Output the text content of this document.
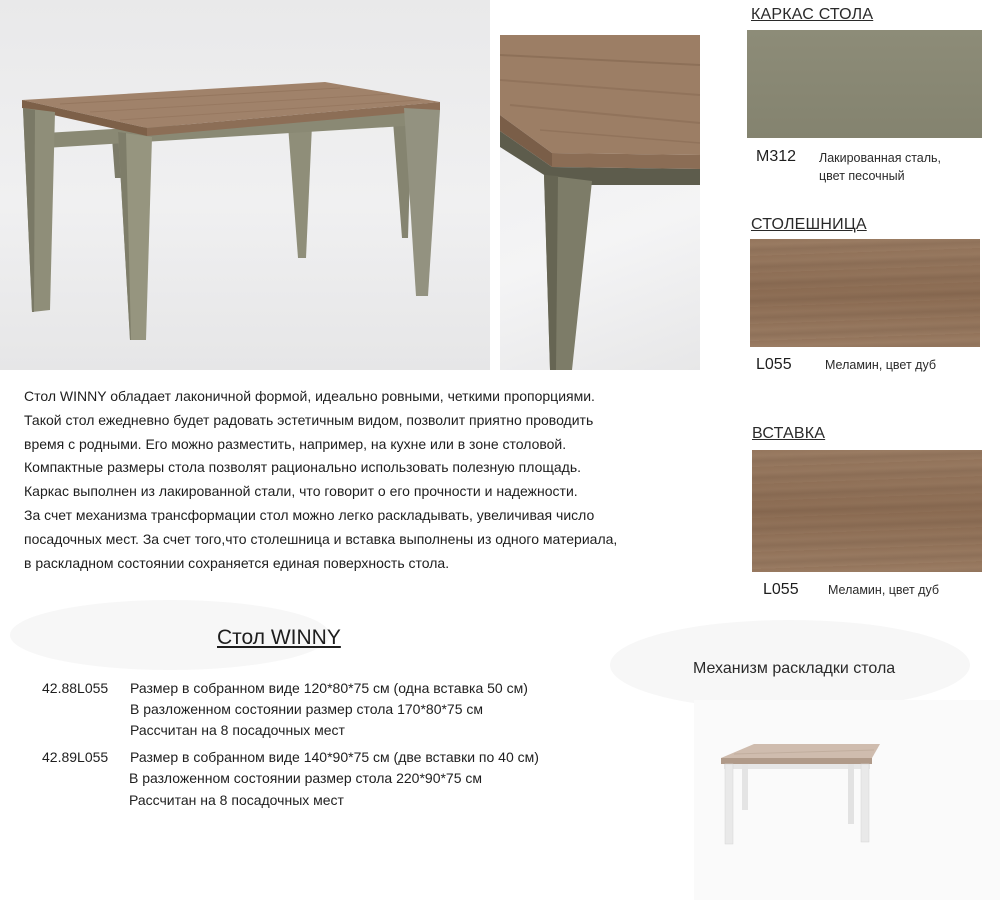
КАРКАС СТОЛА
М312 Лакированная сталь,
цвет песочный
СТОЛЕШНИЦА
L055	Меламин, цвет дуб
ВСТАВКА
L055 Меламин, цвет дуб
Стол WINNY обладает лаконичной формой, идеально ровными, четкими пропорциями.
Такой стол ежедневно будет радовать эстетичным видом, позволит приятно проводить
время с родными. Его можно разместить, например, на кухне или в зоне столовой.
Компактные размеры стола позволят рационально использовать полезную площадь.
Каркас выполнен из лакированной стали, что говорит о его прочности и надежности.
За счет механизма трансформации стол можно легко раскладывать, увеличивая число
посадочных мест. За счет того,что столешница и вставка выполнены из одного материала,
в раскладном состоянии сохраняется единая поверхность стола.
Стол WINNY
Механизм раскладки стола
42.88L055 Размер в собранном виде 120*80*75 см (одна вставка 50 см)
В разложенном состоянии размер стола 170*80*75 см
Рассчитан на 8 посадочных мест
42.89L055 Размер в собранном виде 140*90*75 см (две вставки по 40 см)
В разложенном состоянии размер стола 220*90*75 см
Рассчитан на 8 посадочных мест
